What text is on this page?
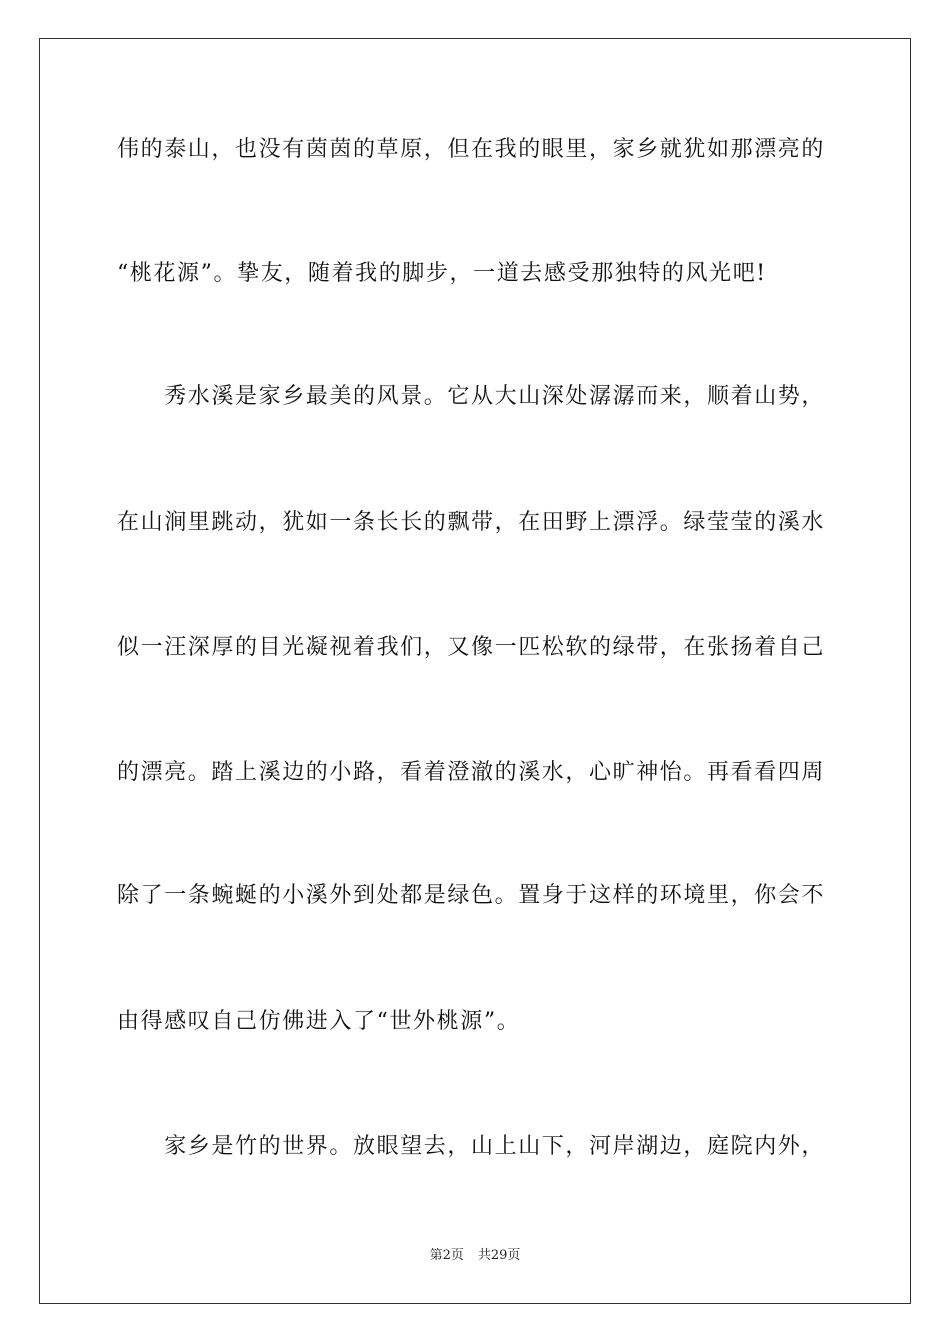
伟的泰山，也没有茵茵的草原，但在我的眼里，家乡就犹如那漂亮的
“桃花源”。挚友，随着我的脚步，一道去感受那独特的风光吧!
　　秀水溪是家乡最美的风景。它从大山深处潺潺而来，顺着山势，
在山涧里跳动，犹如一条长长的飘带，在田野上漂浮。绿莹莹的溪水
似一汪深厚的目光凝视着我们，又像一匹松软的绿带，在张扬着自己
的漂亮。踏上溪边的小路，看着澄澈的溪水，心旷神怡。再看看四周
除了一条蜿蜒的小溪外到处都是绿色。置身于这样的环境里，你会不
由得感叹自己仿佛进入了“世外桃源”。
　　家乡是竹的世界。放眼望去，山上山下，河岸湖边，庭院内外，
第2页 共29页
